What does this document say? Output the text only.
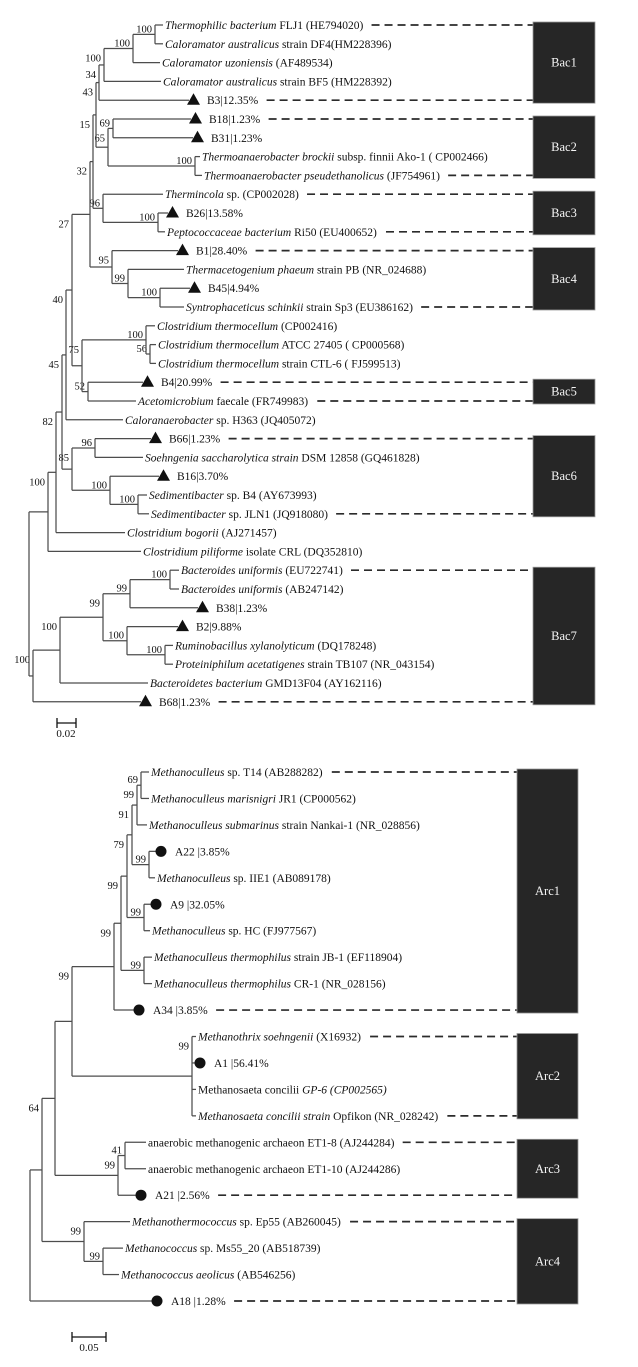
Thermophilic bacterium FLJ1 (HE794020)
Caloramator australicus strain DF4(HM228396)
100
Caloramator uzoniensis (AF489534)
100
Caloramator australicus strain BF5 (HM228392)
100
B3|12.35%
34
B18|1.23%
B31|1.23%
69
Thermoanaerobacter brockii subsp. finnii Ako-1 ( CP002466)
Thermoanaerobacter pseudethanolicus (JF754961)
100
65
43
Thermincola sp. (CP002028)
B26|13.58%
Peptococcaceae bacterium Ri50 (EU400652)
100
96
15
B1|28.40%
Thermacetogenium phaeum strain PB (NR_024688)
B45|4.94%
Syntrophaceticus schinkii strain Sp3 (EU386162)
100
99
95
32
Clostridium thermocellum (CP002416)
Clostridium thermocellum ATCC 27405 ( CP000568)
Clostridium thermocellum strain CTL-6 ( FJ599513)
56
100
B4|20.99%
Acetomicrobium faecale (FR749983)
52
75
27
Caloranaerobacter sp. H363 (JQ405072)
40
B66|1.23%
Soehngenia saccharolytica strain DSM 12858 (GQ461828)
96
B16|3.70%
Sedimentibacter sp. B4 (AY673993)
Sedimentibacter sp. JLN1 (JQ918080)
100
100
85
45
Clostridium bogorii (AJ271457)
82
Clostridium piliforme isolate CRL (DQ352810)
100
Bacteroides uniformis (EU722741)
Bacteroides uniformis (AB247142)
100
B38|1.23%
99
B2|9.88%
Ruminobacillus xylanolyticum (DQ178248)
Proteiniphilum acetatigenes strain TB107 (NR_043154)
100
100
99
Bacteroidetes bacterium GMD13F04 (AY162116)
100
B68|1.23%
100
Bac1
Bac2
Bac3
Bac4
Bac5
Bac6
Bac7
Methanoculleus sp. T14 (AB288282)
Methanoculleus marisnigri JR1 (CP000562)
69
Methanoculleus submarinus strain Nankai-1 (NR_028856)
99
A22 |3.85%
Methanoculleus sp. IIE1 (AB089178)
99
91
A9 |32.05%
Methanoculleus sp. HC (FJ977567)
99
79
Methanoculleus thermophilus strain JB-1 (EF118904)
Methanoculleus thermophilus CR-1 (NR_028156)
99
99
A34 |3.85%
99
Methanothrix soehngenii (X16932)
A1 |56.41%
Methanosaeta concilii GP-6 (CP002565)
Methanosaeta concilii strain Opfikon (NR_028242)
99
99
anaerobic methanogenic archaeon ET1-8 (AJ244284)
anaerobic methanogenic archaeon ET1-10 (AJ244286)
41
A21 |2.56%
99
Methanothermococcus sp. Ep55 (AB260045)
Methanococcus sp. Ms55_20 (AB518739)
Methanococcus aeolicus (AB546256)
99
99
64
A18 |1.28%
Arc1
Arc2
Arc3
Arc4
0.02
0.05
